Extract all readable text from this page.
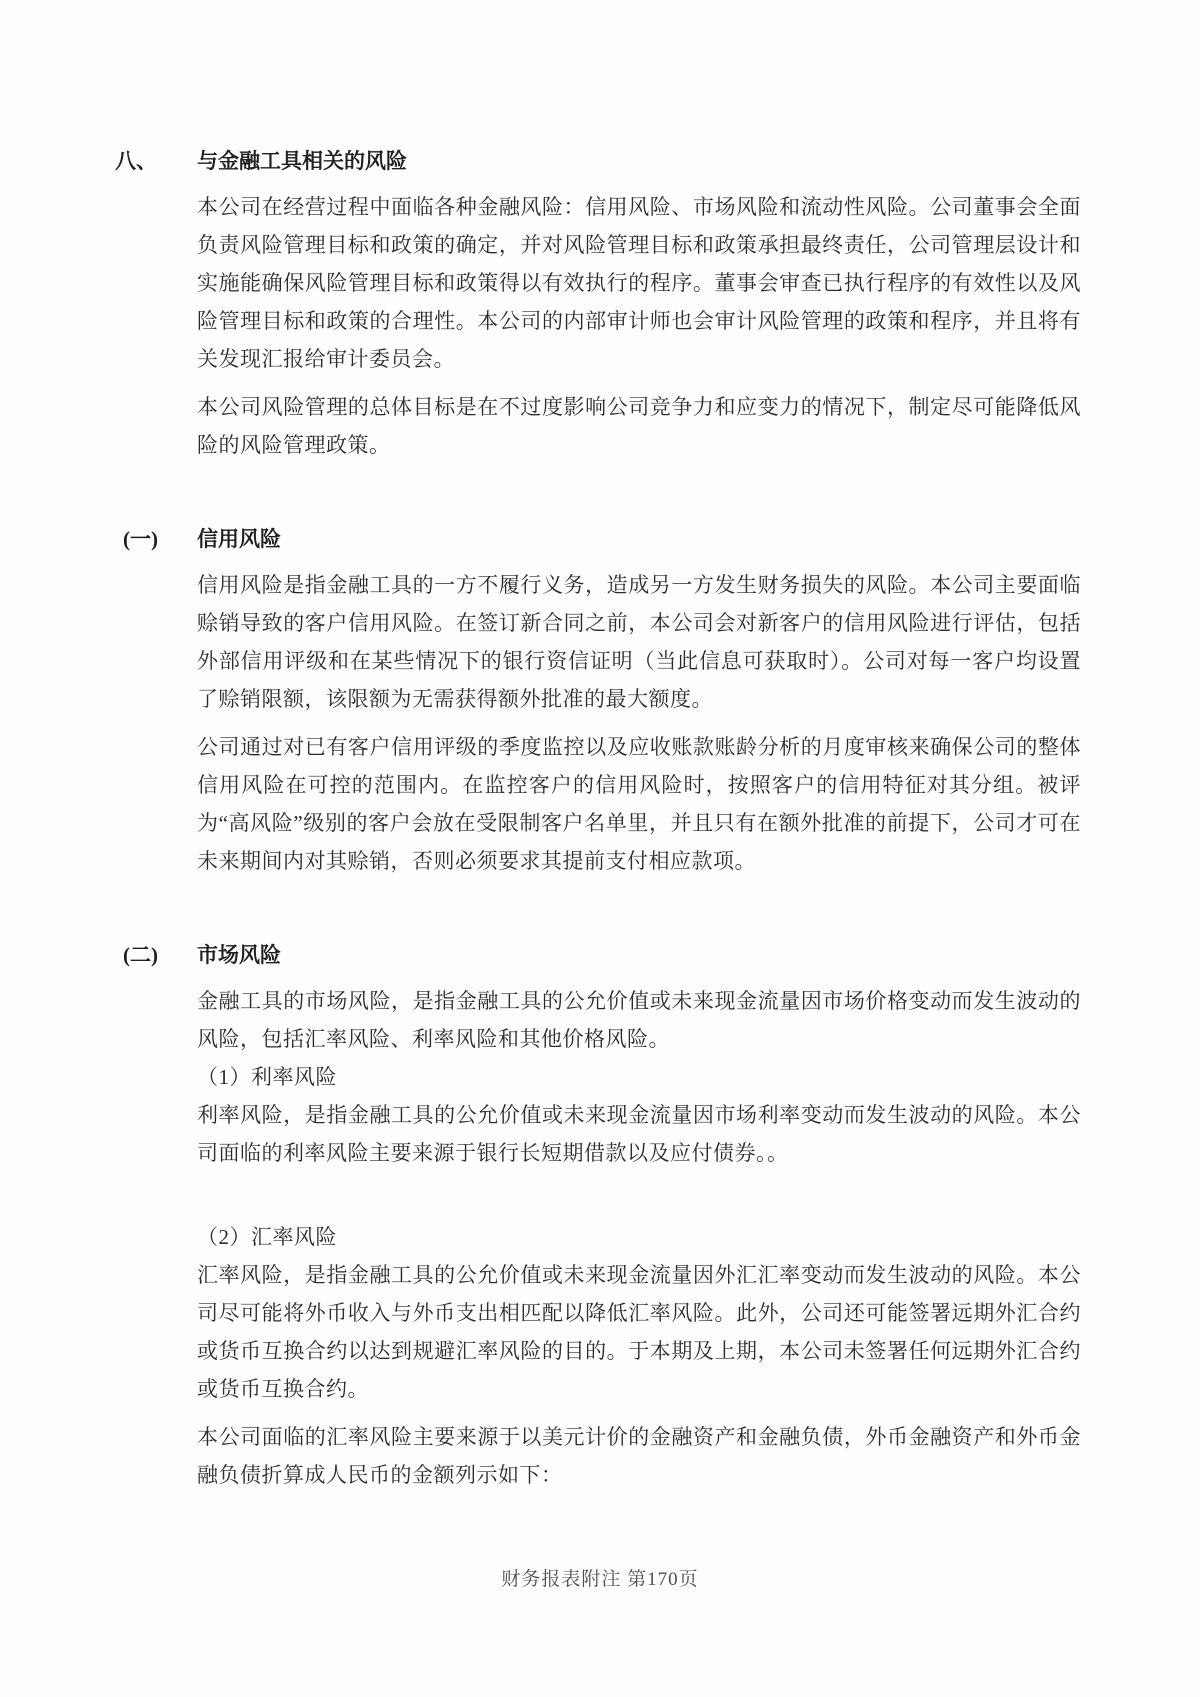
八、 与金融工具相关的风险

本公司在经营过程中面临各种金融风险：信用风险、市场风险和流动性风险。公司董事会全面负责风险管理目标和政策的确定，并对风险管理目标和政策承担最终责任，公司管理层设计和实施能确保风险管理目标和政策得以有效执行的程序。董事会审查已执行程序的有效性以及风险管理目标和政策的合理性。本公司的内部审计师也会审计风险管理的政策和程序，并且将有关发现汇报给审计委员会。

本公司风险管理的总体目标是在不过度影响公司竞争力和应变力的情况下，制定尽可能降低风险的风险管理政策。

(一) 信用风险

信用风险是指金融工具的一方不履行义务，造成另一方发生财务损失的风险。本公司主要面临赊销导致的客户信用风险。在签订新合同之前，本公司会对新客户的信用风险进行评估，包括外部信用评级和在某些情况下的银行资信证明（当此信息可获取时）。公司对每一客户均设置了赊销限额，该限额为无需获得额外批准的最大额度。

公司通过对已有客户信用评级的季度监控以及应收账款账龄分析的月度审核来确保公司的整体信用风险在可控的范围内。在监控客户的信用风险时，按照客户的信用特征对其分组。被评为“高风险”级别的客户会放在受限制客户名单里，并且只有在额外批准的前提下，公司才可在未来期间内对其赊销，否则必须要求其提前支付相应款项。

(二) 市场风险

金融工具的市场风险，是指金融工具的公允价值或未来现金流量因市场价格变动而发生波动的风险，包括汇率风险、利率风险和其他价格风险。

（1）利率风险

利率风险，是指金融工具的公允价值或未来现金流量因市场利率变动而发生波动的风险。本公司面临的利率风险主要来源于银行长短期借款以及应付债券。。

（2）汇率风险

汇率风险，是指金融工具的公允价值或未来现金流量因外汇汇率变动而发生波动的风险。本公司尽可能将外币收入与外币支出相匹配以降低汇率风险。此外，公司还可能签署远期外汇合约或货币互换合约以达到规避汇率风险的目的。于本期及上期，本公司未签署任何远期外汇合约或货币互换合约。

本公司面临的汇率风险主要来源于以美元计价的金融资产和金融负债，外币金融资产和外币金融负债折算成人民币的金额列示如下：

财务报表附注 第170页
